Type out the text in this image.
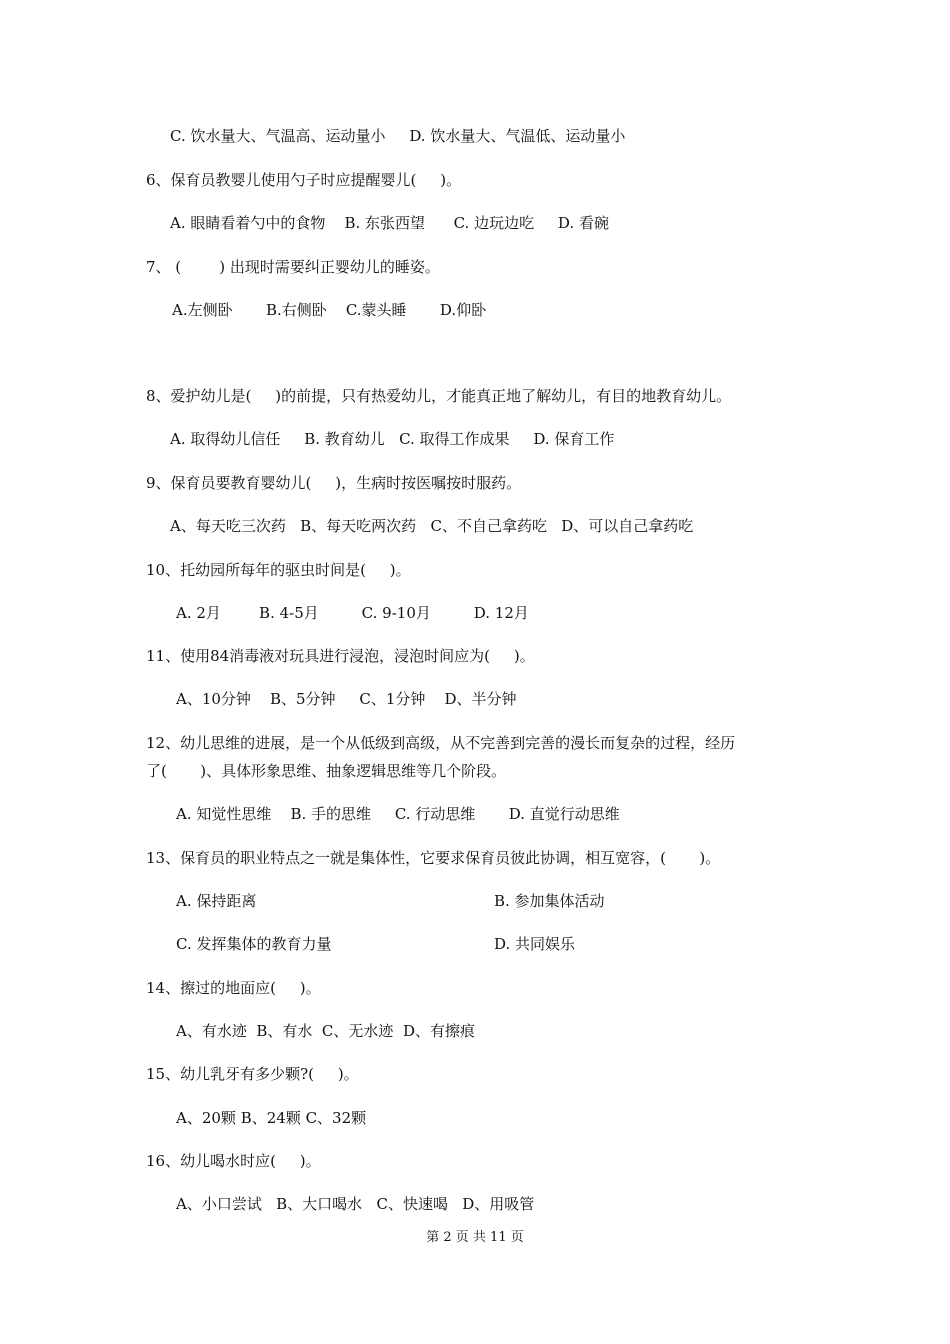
C. 饮水量大、气温高、运动量小     D. 饮水量大、气温低、运动量小
6、保育员教婴儿使用勺子时应提醒婴儿(     )。
A. 眼睛看着勺中的食物    B. 东张西望      C. 边玩边吃     D. 看碗
7、 (        ) 出现时需要纠正婴幼儿的睡姿。
A.左侧卧       B.右侧卧    C.蒙头睡       D.仰卧
8、爱护幼儿是(     )的前提，只有热爱幼儿，才能真正地了解幼儿，有目的地教育幼儿。
A. 取得幼儿信任     B. 教育幼儿   C. 取得工作成果     D. 保育工作
9、保育员要教育婴幼儿(     )，生病时按医嘱按时服药。
A、每天吃三次药   B、每天吃两次药   C、不自己拿药吃   D、可以自己拿药吃
10、托幼园所每年的驱虫时间是(     )。
A. 2月        B. 4-5月         C. 9-10月         D. 12月
11、使用84消毒液对玩具进行浸泡，浸泡时间应为(     )。
A、10分钟    B、5分钟     C、1分钟    D、半分钟
12、幼儿思维的进展，是一个从低级到高级，从不完善到完善的漫长而复杂的过程，经历
了(       )、具体形象思维、抽象逻辑思维等几个阶段。
A. 知觉性思维    B. 手的思维     C. 行动思维       D. 直觉行动思维
13、保育员的职业特点之一就是集体性，它要求保育员彼此协调，相互宽容，(       )。
A. 保持距离	B. 参加集体活动
C. 发挥集体的教育力量	D. 共同娱乐
14、擦过的地面应(     )。
A、有水迹  B、有水  C、无水迹  D、有擦痕
15、幼儿乳牙有多少颗?(     )。
A、20颗 B、24颗 C、32颗
16、幼儿喝水时应(     )。
A、小口尝试   B、大口喝水   C、快速喝   D、用吸管
第 2 页 共 11 页
